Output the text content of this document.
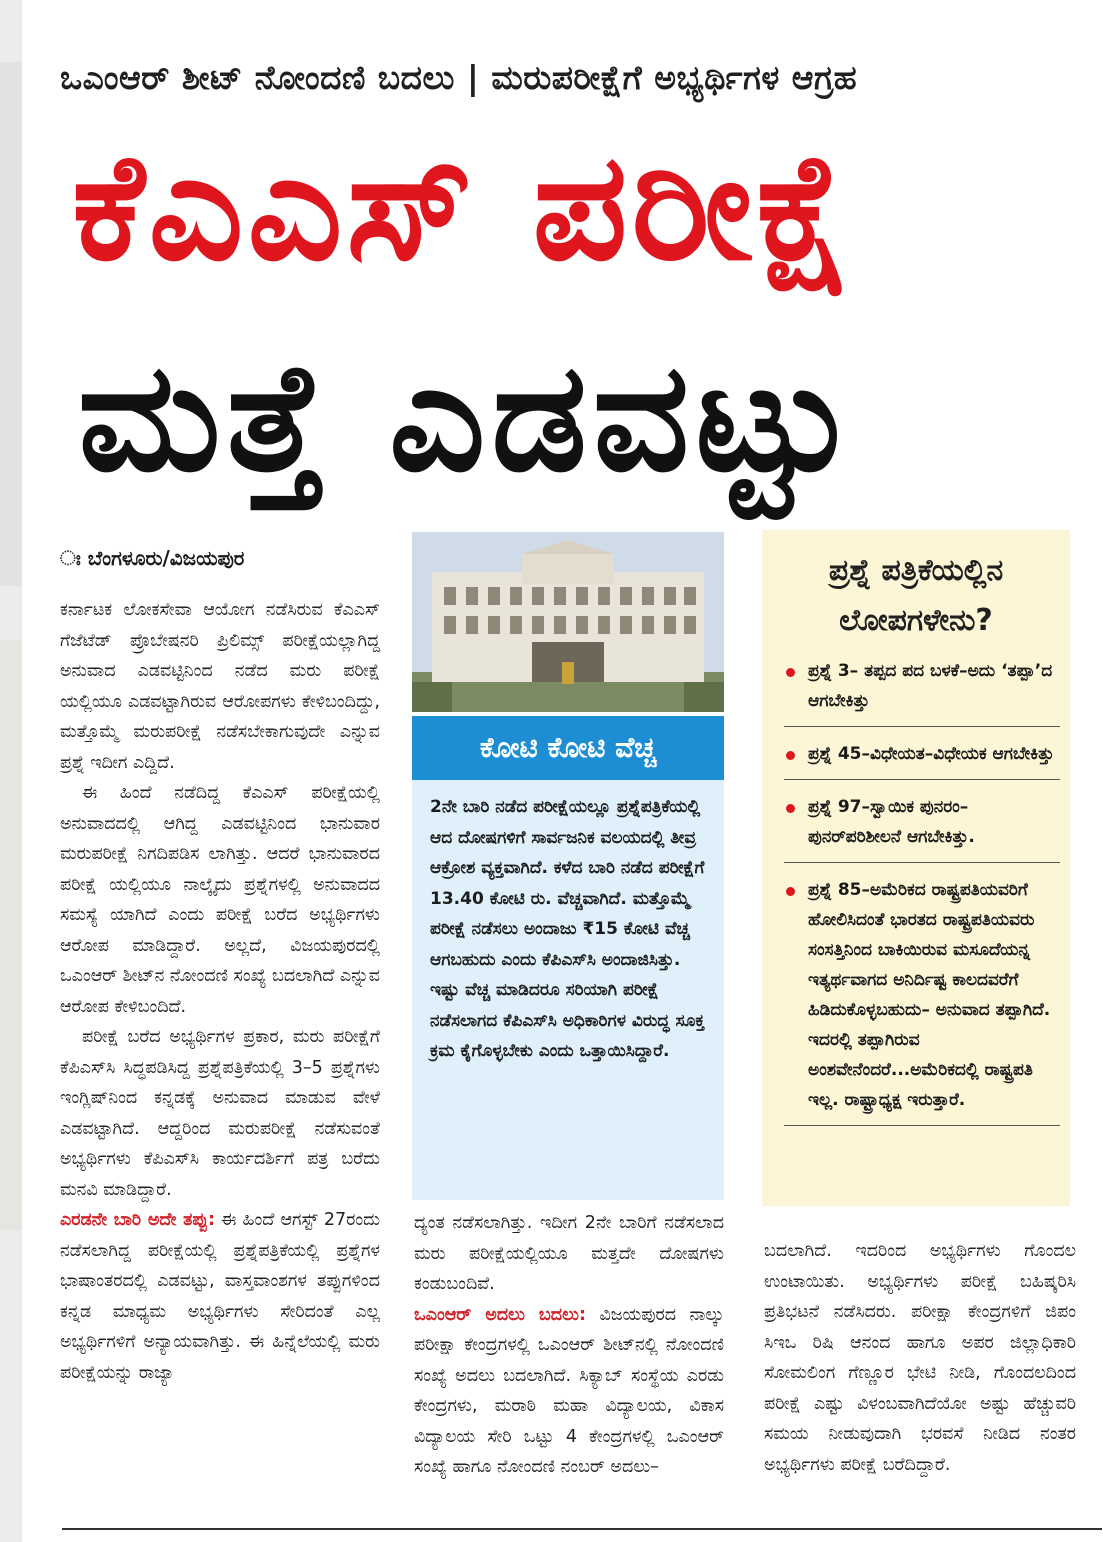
ಒಎಂಆರ್‌ ಶೀಟ್‌ ನೋಂದಣಿ ಬದಲು | ಮರುಪರೀಕ್ಷೆಗೆ ಅಭ್ಯರ್ಥಿಗಳ ಆಗ್ರಹ
ಕೆಎಎಸ್ ಪರೀಕ್ಷೆ
ಮತ್ತೆ ಎಡವಟ್ಟು
ಃ ಬೆಂಗಳೂರು/ವಿಜಯಪುರ

ಕರ್ನಾಟಕ ಲೋಕಸೇವಾ ಆಯೋಗ ನಡೆಸಿರುವ ಕೆಎಎಸ್ ಗೆಜೆಟೆಡ್ ಪ್ರೊಬೇಷನರಿ ಪ್ರಿಲಿಮ್ಸ್ ಪರೀಕ್ಷೆಯಲ್ಲಾಗಿದ್ದ ಅನುವಾದ ಎಡವಟ್ಟಿನಿಂದ ನಡೆದ ಮರು ಪರೀಕ್ಷೆ ಯಲ್ಲಿಯೂ ಎಡವಟ್ಟಾಗಿರುವ ಆರೋಪಗಳು ಕೇಳಿಬಂದಿದ್ದು, ಮತ್ತೊಮ್ಮೆ ಮರುಪರೀಕ್ಷೆ ನಡೆಸಬೇಕಾಗುವುದೇ ಎನ್ನುವ ಪ್ರಶ್ನೆ ಇದೀಗ ಎದ್ದಿದೆ.

ಈ ಹಿಂದೆ ನಡೆದಿದ್ದ ಕೆಎಎಸ್ ಪರೀಕ್ಷೆಯಲ್ಲಿ ಅನುವಾದದಲ್ಲಿ ಆಗಿದ್ದ ಎಡವಟ್ಟಿನಿಂದ ಭಾನುವಾರ ಮರುಪರೀಕ್ಷೆ ನಿಗದಿಪಡಿಸ ಲಾಗಿತ್ತು. ಆದರೆ ಭಾನುವಾರದ ಪರೀಕ್ಷೆ ಯಲ್ಲಿಯೂ ನಾಲ್ಕೈದು ಪ್ರಶ್ನೆಗಳಲ್ಲಿ ಅನುವಾದದ ಸಮಸ್ಯೆ ಯಾಗಿದೆ ಎಂದು ಪರೀಕ್ಷೆ ಬರೆದ ಅಭ್ಯರ್ಥಿಗಳು ಆರೋಪ ಮಾಡಿದ್ದಾರೆ. ಅಲ್ಲದೆ, ವಿಜಯಪುರದಲ್ಲಿ ಒಎಂಆರ್ ಶೀಟ್‌ನ ನೋಂದಣಿ ಸಂಖ್ಯೆ ಬದಲಾಗಿದೆ ಎನ್ನುವ ಆರೋಪ ಕೇಳಿಬಂದಿದೆ.

ಪರೀಕ್ಷೆ ಬರೆದ ಅಭ್ಯರ್ಥಿಗಳ ಪ್ರಕಾರ, ಮರು ಪರೀಕ್ಷೆಗೆ ಕೆಪಿಎಸ್‌ಸಿ ಸಿದ್ಧಪಡಿಸಿದ್ದ ಪ್ರಶ್ನೆಪತ್ರಿಕೆಯಲ್ಲಿ 3–5 ಪ್ರಶ್ನೆಗಳು ಇಂಗ್ಲಿಷ್‌ನಿಂದ ಕನ್ನಡಕ್ಕೆ ಅನುವಾದ ಮಾಡುವ ವೇಳೆ ಎಡವಟ್ಟಾಗಿದೆ. ಆದ್ದರಿಂದ ಮರುಪರೀಕ್ಷೆ ನಡೆಸುವಂತೆ ಅಭ್ಯರ್ಥಿಗಳು ಕೆಪಿಎಸ್‌ಸಿ ಕಾರ್ಯದರ್ಶಿಗೆ ಪತ್ರ ಬರೆದು ಮನವಿ ಮಾಡಿದ್ದಾರೆ.

ಎರಡನೇ ಬಾರಿ ಅದೇ ತಪ್ಪು: ಈ ಹಿಂದೆ ಆಗಸ್ಟ್ 27ರಂದು ನಡೆಸಲಾಗಿದ್ದ ಪರೀಕ್ಷೆಯಲ್ಲಿ ಪ್ರಶ್ನೆಪತ್ರಿಕೆಯಲ್ಲಿ ಪ್ರಶ್ನೆಗಳ ಭಾಷಾಂತರದಲ್ಲಿ ಎಡವಟ್ಟು, ವಾಸ್ತವಾಂಶಗಳ ತಪ್ಪುಗಳಿಂದ ಕನ್ನಡ ಮಾಧ್ಯಮ ಅಭ್ಯರ್ಥಿಗಳು ಸೇರಿದಂತೆ ಎಲ್ಲ ಅಭ್ಯರ್ಥಿಗಳಿಗೆ ಅನ್ಯಾಯವಾಗಿತ್ತು. ಈ ಹಿನ್ನೆಲೆಯಲ್ಲಿ ಮರು ಪರೀಕ್ಷೆಯನ್ನು ರಾಜ್ಯಾ

ಕೋಟಿ ಕೋಟಿ ವೆಚ್ಚ
2ನೇ ಬಾರಿ ನಡೆದ ಪರೀಕ್ಷೆಯಲ್ಲೂ ಪ್ರಶ್ನೆಪತ್ರಿಕೆಯಲ್ಲಿ ಆದ ದೋಷಗಳಿಗೆ ಸಾರ್ವಜನಿಕ ವಲಯದಲ್ಲಿ ತೀವ್ರ ಆಕ್ರೋಶ ವ್ಯಕ್ತವಾಗಿದೆ. ಕಳೆದ ಬಾರಿ ನಡೆದ ಪರೀಕ್ಷೆಗೆ 13.40 ಕೋಟಿ ರು. ವೆಚ್ಚವಾಗಿದೆ. ಮತ್ತೊಮ್ಮೆ ಪರೀಕ್ಷೆ ನಡೆಸಲು ಅಂದಾಜು ₹15 ಕೋಟಿ ವೆಚ್ಚ ಆಗಬಹುದು ಎಂದು ಕೆಪಿಎಸ್‌ಸಿ ಅಂದಾಜಿಸಿತ್ತು. ಇಷ್ಟು ವೆಚ್ಚ ಮಾಡಿದರೂ ಸರಿಯಾಗಿ ಪರೀಕ್ಷೆ ನಡೆಸಲಾಗದ ಕೆಪಿಎಸ್‌ಸಿ ಅಧಿಕಾರಿಗಳ ವಿರುದ್ಧ ಸೂಕ್ತ ಕ್ರಮ ಕೈಗೊಳ್ಳಬೇಕು ಎಂದು ಒತ್ತಾಯಿಸಿದ್ದಾರೆ.

ದ್ಯಂತ ನಡೆಸಲಾಗಿತ್ತು. ಇದೀಗ 2ನೇ ಬಾರಿಗೆ ನಡೆಸಲಾದ ಮರು ಪರೀಕ್ಷೆಯಲ್ಲಿಯೂ ಮತ್ತದೇ ದೋಷಗಳು ಕಂಡುಬಂದಿವೆ.

ಒಎಂಆರ್ ಅದಲು ಬದಲು: ವಿಜಯಪುರದ ನಾಲ್ಕು ಪರೀಕ್ಷಾ ಕೇಂದ್ರಗಳಲ್ಲಿ ಒಎಂಆರ್ ಶೀಟ್‌ನಲ್ಲಿ ನೋಂದಣಿ ಸಂಖ್ಯೆ ಅದಲು ಬದಲಾಗಿದೆ. ಸಿಕ್ಯಾಬ್ ಸಂಸ್ಥೆಯ ಎರಡು ಕೇಂದ್ರಗಳು, ಮರಾಠಿ ಮಹಾ ವಿದ್ಯಾಲಯ, ವಿಕಾಸ ವಿದ್ಯಾಲಯ ಸೇರಿ ಒಟ್ಟು 4 ಕೇಂದ್ರಗಳಲ್ಲಿ ಒಎಂಆರ್ ಸಂಖ್ಯೆ ಹಾಗೂ ನೋಂದಣಿ ನಂಬರ್ ಅದಲು–

ಪ್ರಶ್ನೆ ಪತ್ರಿಕೆಯಲ್ಲಿನ ಲೋಪಗಳೇನು?
ಪ್ರಶ್ನೆ 3– ತಪ್ಪದ ಪದ ಬಳಕೆ–ಅದು ‘ತಪ್ಪಾ’ದ ಆಗಬೇಕಿತ್ತು
ಪ್ರಶ್ನೆ 45–ವಿಧೇಯತ–ವಿಧೇಯಕ ಆಗಬೇಕಿತ್ತು
ಪ್ರಶ್ನೆ 97–ಸ್ವಾಯಿಕ ಪುನರಂ– ಪುನರ್‌ಪರಿಶೀಲನೆ ಆಗಬೇಕಿತ್ತು.
ಪ್ರಶ್ನೆ 85–ಅಮೆರಿಕದ ರಾಷ್ಟ್ರಪತಿಯವರಿಗೆ ಹೋಲಿಸಿದಂತೆ ಭಾರತದ ರಾಷ್ಟ್ರಪತಿಯವರು ಸಂಸತ್ತಿನಿಂದ ಬಾಕಿಯಿರುವ ಮಸೂದೆಯನ್ನ ಇತ್ಯರ್ಥವಾಗದ ಅನಿರ್ದಿಷ್ಟ ಕಾಲದವರೆಗೆ ಹಿಡಿದುಕೊಳ್ಳಬಹುದು– ಅನುವಾದ ತಪ್ಪಾಗಿದೆ. ಇದರಲ್ಲಿ ತಪ್ಪಾಗಿರುವ ಅಂಶವೇನೆಂದರೆ...ಅಮೆರಿಕದಲ್ಲಿ ರಾಷ್ಟ್ರಪತಿ ಇಲ್ಲ. ರಾಷ್ಟ್ರಾಧ್ಯಕ್ಷ ಇರುತ್ತಾರೆ.

ಬದಲಾಗಿದೆ. ಇದರಿಂದ ಅಭ್ಯರ್ಥಿಗಳು ಗೊಂದಲ ಉಂಟಾಯಿತು. ಅಭ್ಯರ್ಥಿಗಳು ಪರೀಕ್ಷೆ ಬಹಿಷ್ಕರಿಸಿ ಪ್ರತಿಭಟನೆ ನಡೆಸಿದರು. ಪರೀಕ್ಷಾ ಕೇಂದ್ರಗಳಿಗೆ ಜಿಪಂ ಸಿಇಒ ರಿಷಿ ಆನಂದ ಹಾಗೂ ಅಪರ ಜಿಲ್ಲಾಧಿಕಾರಿ ಸೋಮಲಿಂಗ ಗೆಣ್ಣೂರ ಭೇಟಿ ನೀಡಿ, ಗೊಂದಲದಿಂದ ಪರೀಕ್ಷೆ ಎಷ್ಟು ವಿಳಂಬವಾಗಿದೆಯೋ ಅಷ್ಟು ಹೆಚ್ಚುವರಿ ಸಮಯ ನೀಡುವುದಾಗಿ ಭರವಸೆ ನೀಡಿದ ನಂತರ ಅಭ್ಯರ್ಥಿಗಳು ಪರೀಕ್ಷೆ ಬರೆದಿದ್ದಾರೆ.
